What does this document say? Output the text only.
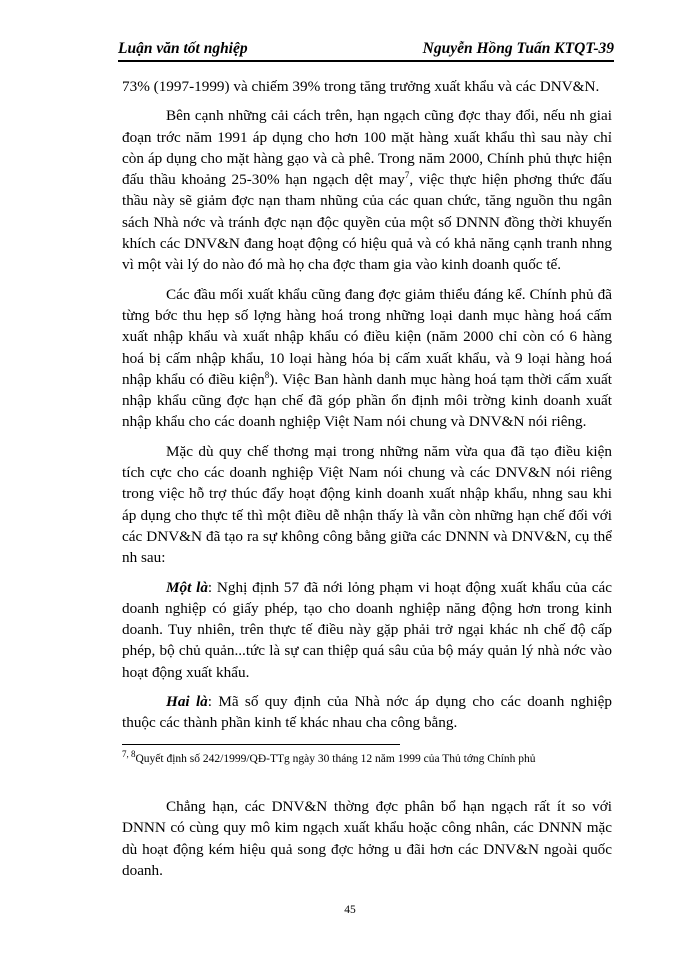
Luận văn tốt nghiệp	Nguyễn Hồng Tuấn KTQT-39

73% (1997-1999) và chiếm 39% trong tăng trưởng xuất khẩu và các DNV&N.

Bên cạnh những cải cách trên, hạn ngạch cũng đợc thay đổi, nếu nh giai đoạn trớc năm 1991 áp dụng cho hơn 100 mặt hàng xuất khẩu thì sau này chỉ còn áp dụng cho mặt hàng gạo và cà phê. Trong năm 2000, Chính phủ thực hiện đấu thầu khoảng 25-30% hạn ngạch dệt may$^7$, việc thực hiện phơng thức đấu thầu này sẽ giảm đợc nạn tham nhũng của các quan chức, tăng nguồn thu ngân sách Nhà nớc và tránh đợc nạn độc quyền của một số DNNN đồng thời khuyến khích các DNV&N đang hoạt động có hiệu quả và có khả năng cạnh tranh nhng vì một vài lý do nào đó mà họ cha đợc tham gia vào kinh doanh quốc tế.

Các đầu mối xuất khẩu cũng đang đợc giảm thiểu đáng kể. Chính phủ đã từng bớc thu hẹp số lợng hàng hoá trong những loại danh mục hàng hoá cấm xuất nhập khẩu và xuất nhập khẩu có điều kiện (năm 2000 chỉ còn có 6 hàng hoá bị cấm nhập khẩu, 10 loại hàng hóa bị cấm xuất khẩu, và 9 loại hàng hoá nhập khẩu có điều kiện$^8$). Việc Ban hành danh mục hàng hoá tạm thời cấm xuất nhập khẩu cũng đợc hạn chế đã góp phần ổn định môi trờng kinh doanh xuất nhập khẩu cho các doanh nghiệp Việt Nam nói chung và DNV&N nói riêng.

Mặc dù quy chế thơng mại trong những năm vừa qua đã tạo điều kiện tích cực cho các doanh nghiệp Việt Nam nói chung và các DNV&N nói riêng trong việc hỗ trợ thúc đẩy hoạt động kinh doanh xuất nhập khẩu, nhng sau khi áp dụng cho thực tế thì một điều dễ nhận thấy là vẫn còn những hạn chế đối với các DNV&N đã tạo ra sự không công bằng giữa các DNNN và DNV&N, cụ thể nh sau:

Một là: Nghị định 57 đã nới lỏng phạm vi hoạt động xuất khẩu của các doanh nghiệp có giấy phép, tạo cho doanh nghiệp năng động hơn trong kinh doanh. Tuy nhiên, trên thực tế điều này gặp phải trở ngại khác nh chế độ cấp phép, bộ chủ quản...tức là sự can thiệp quá sâu của bộ máy quản lý nhà nớc vào hoạt động xuất khẩu.

Hai là: Mã số quy định của Nhà nớc áp dụng cho các doanh nghiệp thuộc các thành phần kinh tế khác nhau cha công bằng.

$^{7, 8}$Quyết định số 242/1999/QĐ-TTg ngày 30 tháng 12 năm 1999 của Thủ tớng Chính phủ

Chẳng hạn, các DNV&N thờng đợc phân bổ hạn ngạch rất ít so với DNNN có cùng quy mô kim ngạch xuất khẩu hoặc công nhân, các DNNN mặc dù hoạt động kém hiệu quả song đợc hởng u đãi hơn các DNV&N ngoài quốc doanh.

45
